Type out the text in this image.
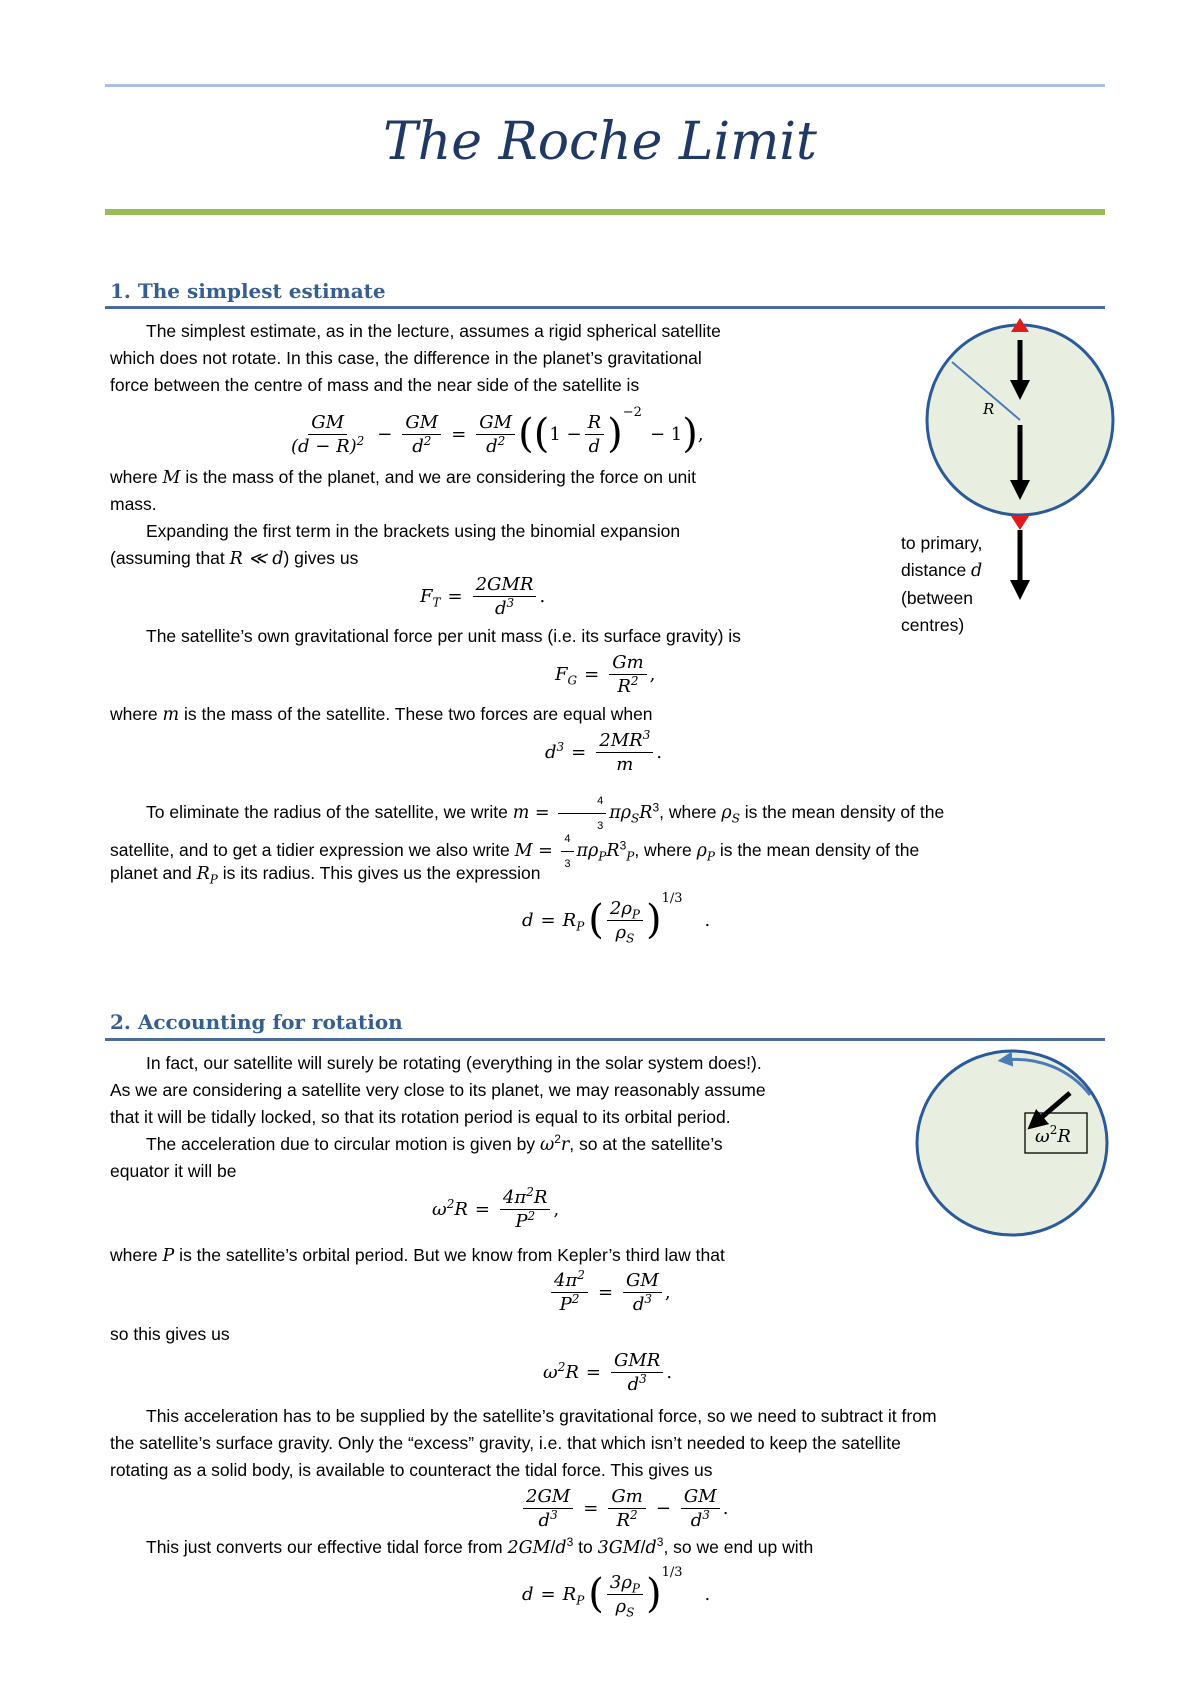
The Roche Limit
1. The simplest estimate

The simplest estimate, as in the lecture, assumes a rigid spherical satellite

which does not rotate. In this case, the difference in the planet’s gravitational

force between the centre of mass and the near side of the satellite is

$\frac{GM}{(d - R)^2} - \frac{GM}{d^2} = \frac{GM}{d^2}$ ( ( $1 - \frac{R}{d}$ ) −2
− 1 ) ,

where M is the mass of the planet, and we are considering the force on unit

mass.

Expanding the first term in the brackets using the binomial expansion

(assuming that R ≪ d) gives us

$F_T = \frac{\text{2GMR}}{d^3}$ .

The satellite’s own gravitational force per unit mass (i.e. its surface gravity) is

$F_G = \frac{Gm}{R^2}$ ,

where m is the mass of the satellite. These two forces are equal when

$d^3 = \frac{2MR^3}{m}$ .

To eliminate the radius of the satellite, we write $m = \frac{4}{3} \pi\rho_SR^3$, where $\rho_S$ is the mean density of the

satellite, and to get a tidier expression we also write $M = \frac{4}{3} \pi\rho_PR^3_P$, where $\rho_P$ is the mean density of the

planet and $R_P$ is its radius. This gives us the expression

$d = R_P$ ( $\frac{2\rho_P}{\rho_S}$ ) 1/3
.
R
to primary,
distance d
(between
centres)
2. Accounting for rotation

In fact, our satellite will surely be rotating (everything in the solar system does!).

As we are considering a satellite very close to its planet, we may reasonably assume

that it will be tidally locked, so that its rotation period is equal to its orbital period.

The acceleration due to circular motion is given by $\omega^2r$, so at the satellite’s

equator it will be

$\omega^2R = \frac{4\pi^2R}{P^2}$ ,

where P is the satellite’s orbital period. But we know from Kepler’s third law that

$\frac{4\pi^2}{P^2} = \frac{GM}{d^3}$ ,

so this gives us

$\omega^2R = \frac{\text{GMR}}{d^3}$ .

This acceleration has to be supplied by the satellite’s gravitational force, so we need to subtract it from

the satellite’s surface gravity. Only the “excess” gravity, i.e. that which isn’t needed to keep the satellite

rotating as a solid body, is available to counteract the tidal force. This gives us

$\frac{2GM}{d^3} = \frac{Gm}{R^2} - \frac{GM}{d^3}$ .

This just converts our effective tidal force from $2GM/d^3$ to $3GM/d^3$, so we end up with

$d = R_P$ ( $\frac{3\rho_P}{\rho_S}$ ) 1/3
.
$\omega^2R$
